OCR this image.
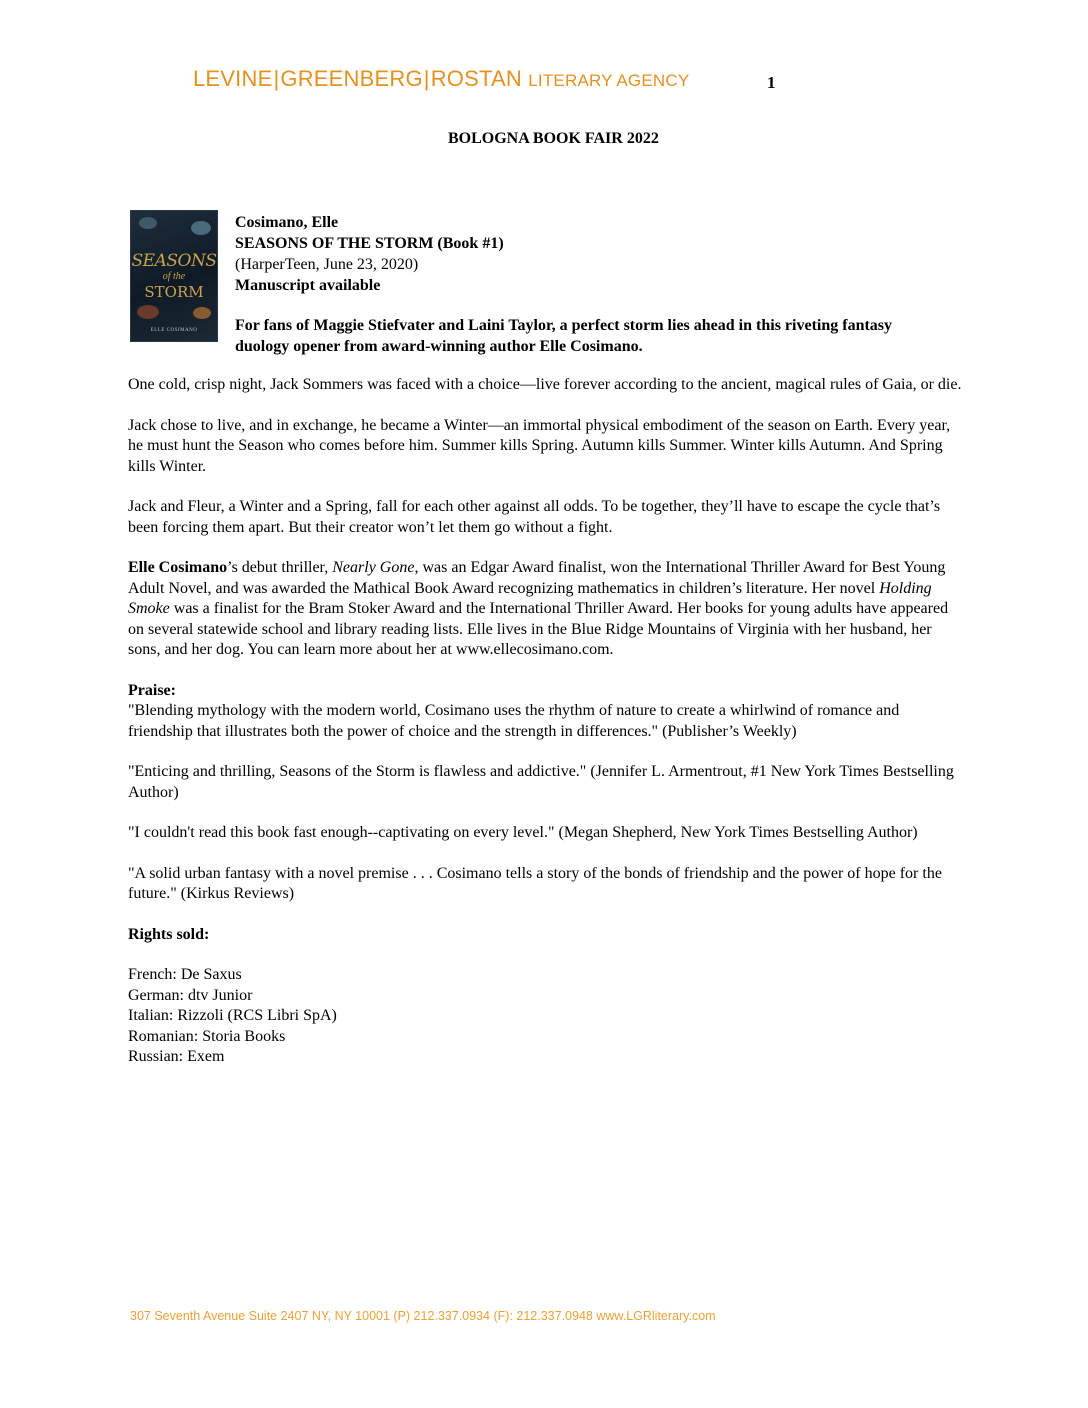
LEVINE|GREENBERG|ROSTAN LITERARY AGENCY	1
BOLOGNA BOOK FAIR 2022
SEASONS
of the
STORM
ELLE COSIMANO
Cosimano, Elle
SEASONS OF THE STORM (Book #1)
(HarperTeen, June 23, 2020)
Manuscript available
For fans of Maggie Stiefvater and Laini Taylor, a perfect storm lies ahead in this riveting fantasy duology opener from award-winning author Elle Cosimano.

One cold, crisp night, Jack Sommers was faced with a choice—live forever according to the ancient, magical rules of Gaia, or die.

Jack chose to live, and in exchange, he became a Winter—an immortal physical embodiment of the season on Earth. Every year, he must hunt the Season who comes before him. Summer kills Spring. Autumn kills Summer. Winter kills Autumn. And Spring kills Winter.

Jack and Fleur, a Winter and a Spring, fall for each other against all odds. To be together, they’ll have to escape the cycle that’s been forcing them apart. But their creator won’t let them go without a fight.

Elle Cosimano’s debut thriller, Nearly Gone, was an Edgar Award finalist, won the International Thriller Award for Best Young Adult Novel, and was awarded the Mathical Book Award recognizing mathematics in children’s literature. Her novel Holding Smoke was a finalist for the Bram Stoker Award and the International Thriller Award. Her books for young adults have appeared on several statewide school and library reading lists. Elle lives in the Blue Ridge Mountains of Virginia with her husband, her sons, and her dog. You can learn more about her at www.ellecosimano.com.

Praise:

"Blending mythology with the modern world, Cosimano uses the rhythm of nature to create a whirlwind of romance and friendship that illustrates both the power of choice and the strength in differences." (Publisher’s Weekly)

"Enticing and thrilling, Seasons of the Storm is flawless and addictive." (Jennifer L. Armentrout, #1 New York Times Bestselling Author)

"I couldn't read this book fast enough--captivating on every level." (Megan Shepherd, New York Times Bestselling Author)

"A solid urban fantasy with a novel premise . . . Cosimano tells a story of the bonds of friendship and the power of hope for the future." (Kirkus Reviews)

Rights sold:
French: De Saxus
German: dtv Junior
Italian: Rizzoli (RCS Libri SpA)
Romanian: Storia Books
Russian: Exem
307 Seventh Avenue Suite 2407 NY, NY 10001 (P) 212.337.0934 (F): 212.337.0948 www.LGRliterary.com
